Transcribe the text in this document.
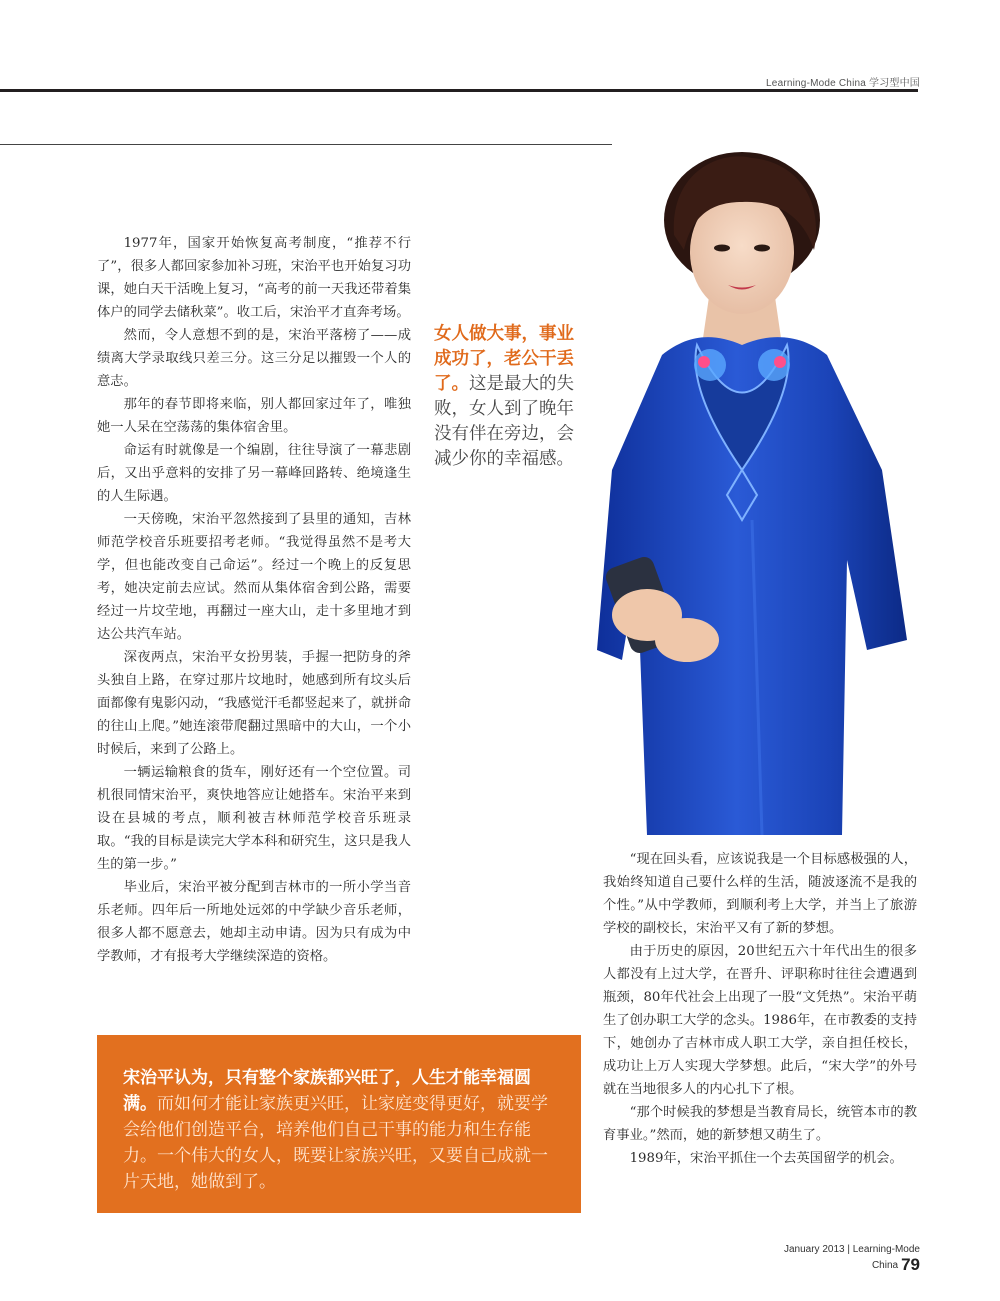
Learning-Mode China 学习型中国

1977年，国家开始恢复高考制度，“推荐不行了”，很多人都回家参加补习班，宋治平也开始复习功课，她白天干活晚上复习，“高考的前一天我还带着集体户的同学去储秋菜”。收工后，宋治平才直奔考场。

然而，令人意想不到的是，宋治平落榜了——成绩离大学录取线只差三分。这三分足以摧毁一个人的意志。

那年的春节即将来临，别人都回家过年了，唯独她一人呆在空荡荡的集体宿舍里。

命运有时就像是一个编剧，往往导演了一幕悲剧后，又出乎意料的安排了另一幕峰回路转、绝境逢生的人生际遇。

一天傍晚，宋治平忽然接到了县里的通知，吉林师范学校音乐班要招考老师。“我觉得虽然不是考大学，但也能改变自己命运”。经过一个晚上的反复思考，她决定前去应试。然而从集体宿舍到公路，需要经过一片坟茔地，再翻过一座大山，走十多里地才到达公共汽车站。

深夜两点，宋治平女扮男装，手握一把防身的斧头独自上路，在穿过那片坟地时，她感到所有坟头后面都像有鬼影闪动，“我感觉汗毛都竖起来了，就拼命的往山上爬。”她连滚带爬翻过黑暗中的大山，一个小时候后，来到了公路上。

一辆运输粮食的货车，刚好还有一个空位置。司机很同情宋治平，爽快地答应让她搭车。宋治平来到设在县城的考点，顺利被吉林师范学校音乐班录取。“我的目标是读完大学本科和研究生，这只是我人生的第一步。”

毕业后，宋治平被分配到吉林市的一所小学当音乐老师。四年后一所地处远郊的中学缺少音乐老师，很多人都不愿意去，她却主动申请。因为只有成为中学教师，才有报考大学继续深造的资格。

女人做大事，事业成功了，老公干丢了。这是最大的失败，女人到了晚年没有伴在旁边，会减少你的幸福感。
宋治平认为，只有整个家族都兴旺了，人生才能幸福圆满。而如何才能让家族更兴旺，让家庭变得更好，就要学会给他们创造平台，培养他们自己干事的能力和生存能力。一个伟大的女人，既要让家族兴旺，又要自己成就一片天地，她做到了。

“现在回头看，应该说我是一个目标感极强的人，我始终知道自己要什么样的生活，随波逐流不是我的个性。”从中学教师，到顺利考上大学，并当上了旅游学校的副校长，宋治平又有了新的梦想。

由于历史的原因，20世纪五六十年代出生的很多人都没有上过大学，在晋升、评职称时往往会遭遇到瓶颈，80年代社会上出现了一股“文凭热”。宋治平萌生了创办职工大学的念头。1986年，在市教委的支持下，她创办了吉林市成人职工大学，亲自担任校长，成功让上万人实现大学梦想。此后，“宋大学”的外号就在当地很多人的内心扎下了根。

“那个时候我的梦想是当教育局长，统管本市的教育事业。”然而，她的新梦想又萌生了。

1989年，宋治平抓住一个去英国留学的机会。

January 2013 | Learning-Mode China 79
